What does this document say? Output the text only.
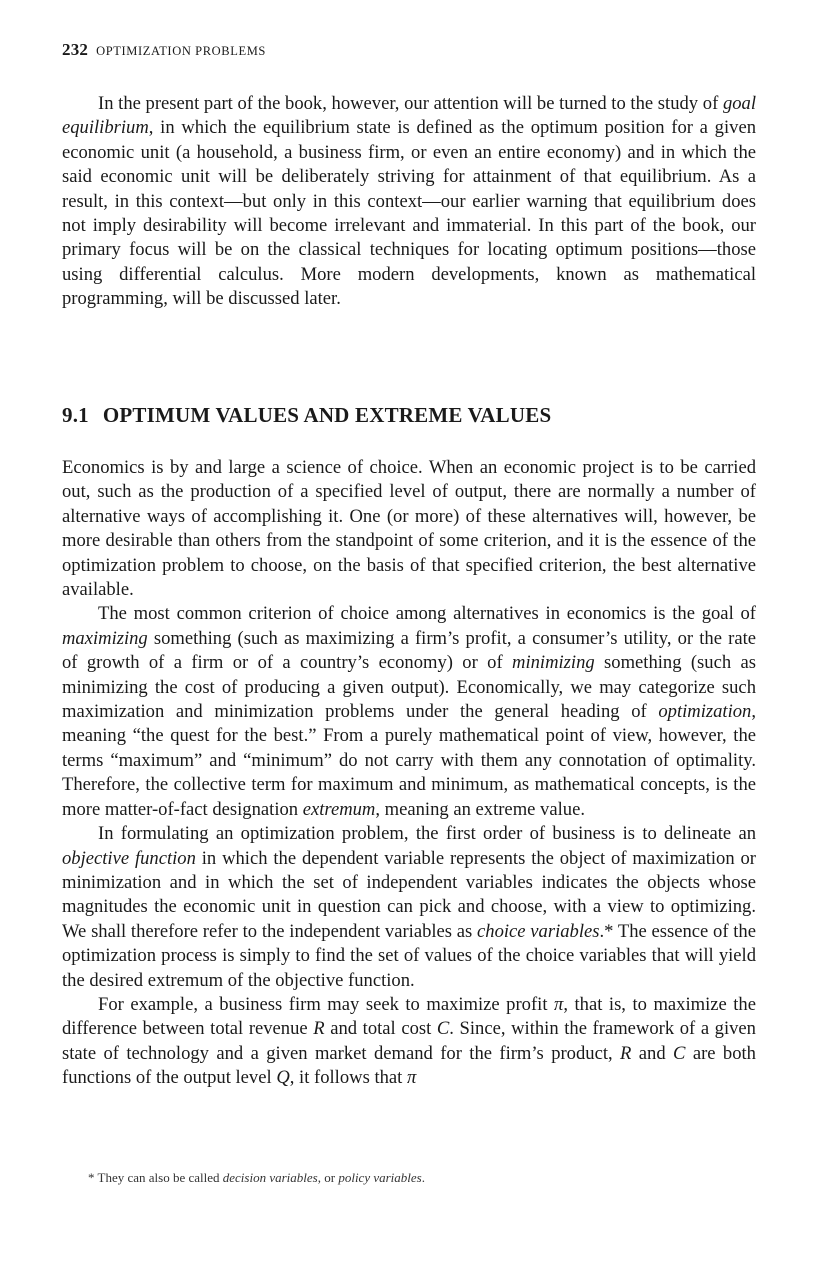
232 OPTIMIZATION PROBLEMS

In the present part of the book, however, our attention will be turned to the study of goal equilibrium, in which the equilibrium state is defined as the optimum position for a given economic unit (a household, a business firm, or even an entire economy) and in which the said economic unit will be deliberately striving for attainment of that equilibrium. As a result, in this context—but only in this context—our earlier warning that equilibrium does not imply desirability will become irrelevant and immaterial. In this part of the book, our primary focus will be on the classical techniques for locating optimum positions—those using differential calculus. More modern developments, known as mathematical programming, will be discussed later.

9.1 OPTIMUM VALUES AND EXTREME VALUES

Economics is by and large a science of choice. When an economic project is to be carried out, such as the production of a specified level of output, there are normally a number of alternative ways of accomplishing it. One (or more) of these alternatives will, however, be more desirable than others from the standpoint of some criterion, and it is the essence of the optimization problem to choose, on the basis of that specified criterion, the best alternative available.

The most common criterion of choice among alternatives in economics is the goal of maximizing something (such as maximizing a firm’s profit, a consumer’s utility, or the rate of growth of a firm or of a country’s economy) or of minimizing something (such as minimizing the cost of producing a given output). Economically, we may categorize such maximization and minimization problems under the general heading of optimization, meaning “the quest for the best.” From a purely mathematical point of view, however, the terms “maximum” and “minimum” do not carry with them any connotation of optimality. Therefore, the collective term for maximum and minimum, as mathematical concepts, is the more matter-of-fact designation extremum, meaning an extreme value.

In formulating an optimization problem, the first order of business is to delineate an objective function in which the dependent variable represents the object of maximization or minimization and in which the set of independent variables indicates the objects whose magnitudes the economic unit in question can pick and choose, with a view to optimizing. We shall therefore refer to the independent variables as choice variables.* The essence of the optimization process is simply to find the set of values of the choice variables that will yield the desired extremum of the objective function.

For example, a business firm may seek to maximize profit π, that is, to maximize the difference between total revenue R and total cost C. Since, within the framework of a given state of technology and a given market demand for the firm’s product, R and C are both functions of the output level Q, it follows that π

* They can also be called decision variables, or policy variables.
